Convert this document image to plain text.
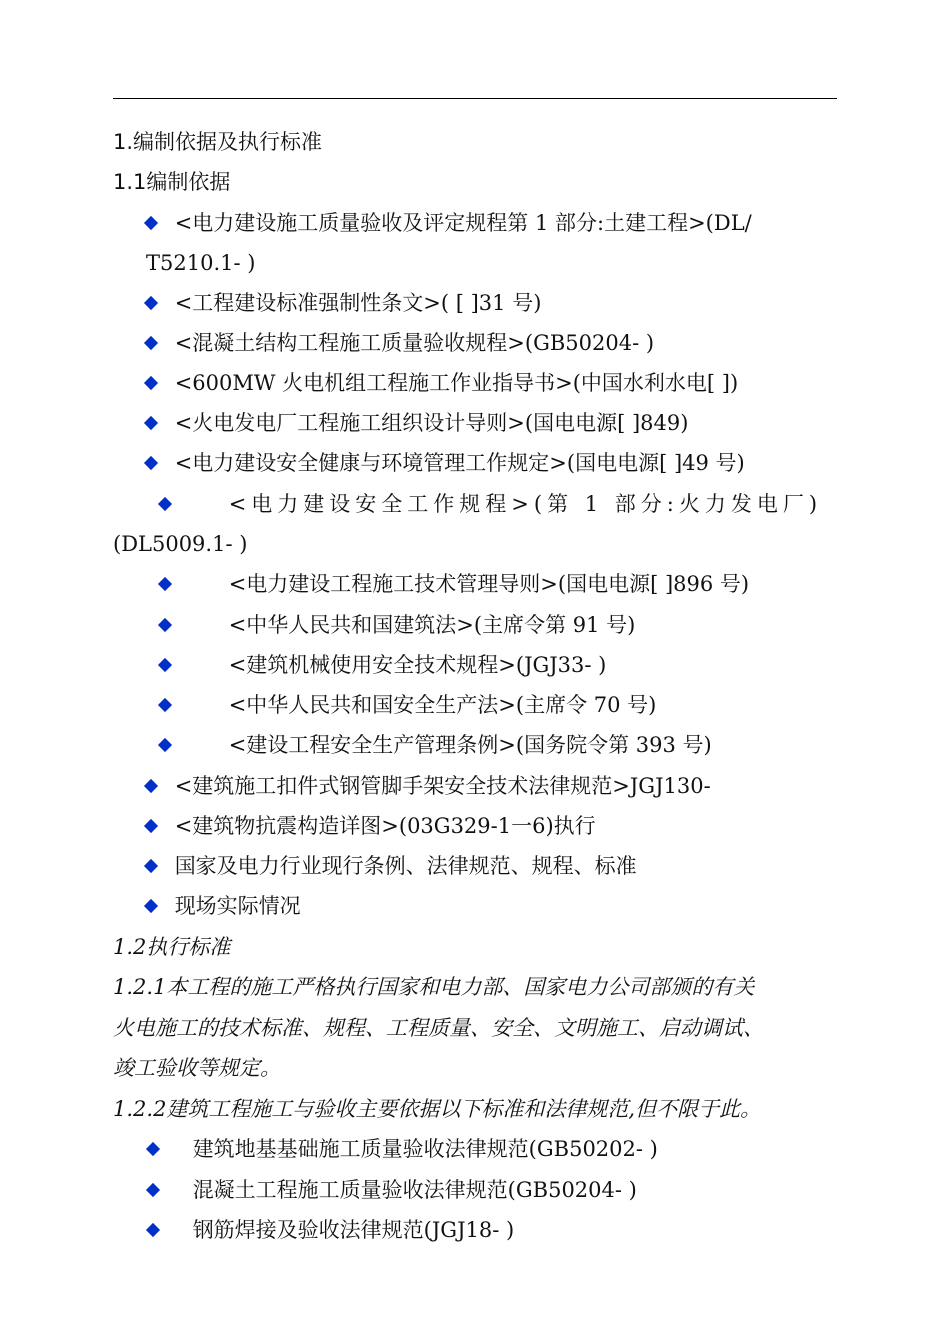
1.编制依据及执行标准
1.1编制依据
<电力建设施工质量验收及评定规程第 1 部分:土建工程>(DL/
T5210.1- )
<工程建设标准强制性条文>( [ ]31 号)
<混凝土结构工程施工质量验收规程>(GB50204- )
<600MW 火电机组工程施工作业指导书>(中国水利水电[ ])
<火电发电厂工程施工组织设计导则>(国电电源[ ]849)
<电力建设安全健康与环境管理工作规定>(国电电源[ ]49 号)
<电力建设安全工作规程>(第 1 部分:火力发电厂)
(DL5009.1- )
<电力建设工程施工技术管理导则>(国电电源[ ]896 号)
<中华人民共和国建筑法>(主席令第 91 号)
<建筑机械使用安全技术规程>(JGJ33- )
<中华人民共和国安全生产法>(主席令 70 号)
<建设工程安全生产管理条例>(国务院令第 393 号)
<建筑施工扣件式钢管脚手架安全技术法律规范>JGJ130-
<建筑物抗震构造详图>(03G329-1一6)执行
国家及电力行业现行条例、法律规范、规程、标准
现场实际情况
1.2执行标准
1.2.1本工程的施工严格执行国家和电力部、国家电力公司部颁的有关
火电施工的技术标准、规程、工程质量、安全、文明施工、启动调试、
竣工验收等规定。
1.2.2建筑工程施工与验收主要依据以下标准和法律规范,但不限于此。
建筑地基基础施工质量验收法律规范(GB50202- )
混凝土工程施工质量验收法律规范(GB50204- )
钢筋焊接及验收法律规范(JGJ18- )
